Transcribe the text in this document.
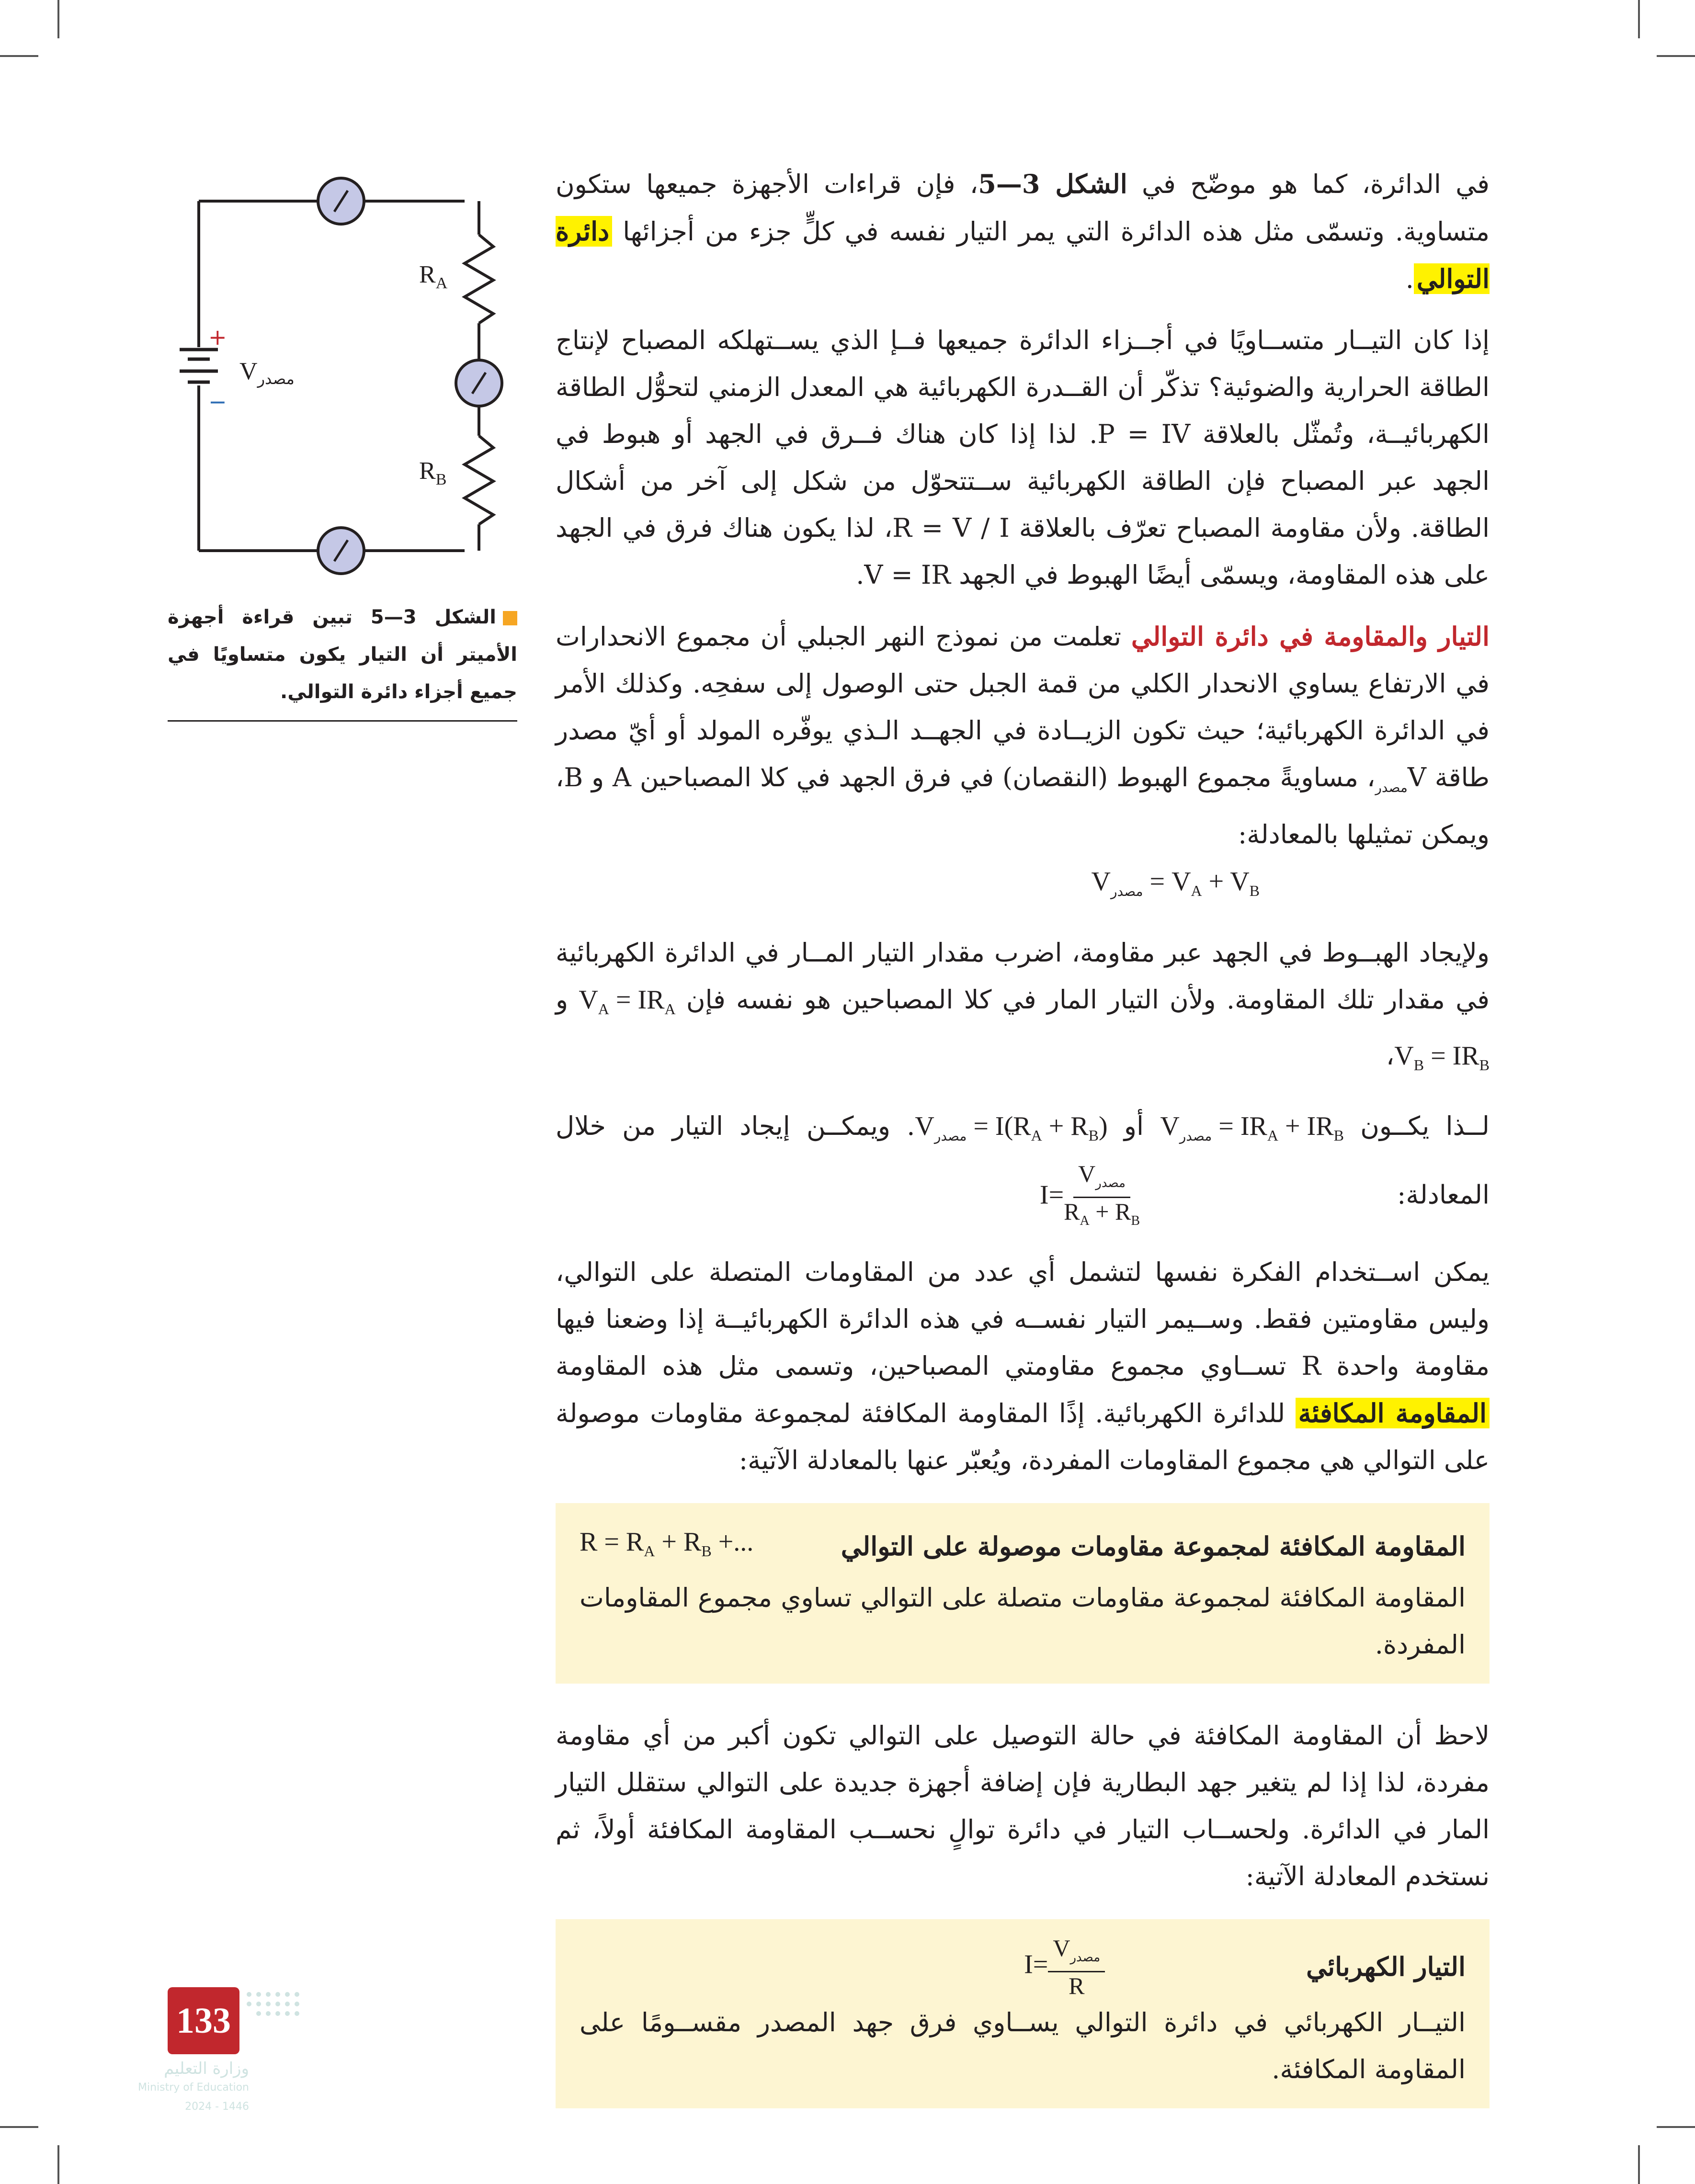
+
−
Vمصدر
$R_A$
$R_B$
الشكل 3—5 تبين قراءة أجهزة الأميتر أن التيار يكون متساويًا في جميع أجزاء دائرة التوالي.

في الدائرة، كما هو موضّح في الشكل 3—5، فإن قراءات الأجهزة جميعها ستكون متساوية. وتسمّى مثل هذه الدائرة التي يمر التيار نفسه في كلٍّ جزء من أجزائها دائرة التوالي.

إذا كان التيــار متســاويًا في أجــزاء الدائرة جميعها فــإ الذي يســتهلكه المصباح لإنتاج الطاقة الحرارية والضوئية؟ تذكّر أن القــدرة الكهربائية هي المعدل الزمني لتحوُّل الطاقة الكهربائيــة، وتُمثّل بالعلاقة P = IV. لذا إذا كان هناك فــرق في الجهد أو هبوط في الجهد عبر المصباح فإن الطاقة الكهربائية ســتتحوّل من شكل إلى آخر من أشكال الطاقة. ولأن مقاومة المصباح تعرّف بالعلاقة R = V / I، لذا يكون هناك فرق في الجهد على هذه المقاومة، ويسمّى أيضًا الهبوط في الجهد V = IR.

التيار والمقاومة في دائرة التوالي تعلمت من نموذج النهر الجبلي أن مجموع الانحدارات في الارتفاع يساوي الانحدار الكلي من قمة الجبل حتى الوصول إلى سفحِه. وكذلك الأمر في الدائرة الكهربائية؛ حيث تكون الزيــادة في الجهــد الـذي يوفّره المولد أو أيّ مصدر طاقة $V_{مصدر}،$ مساويةً مجموع الهبوط (النقصان) في فرق الجهد في كلا المصباحين A و B، ويمكن تمثيلها بالمعادلة:
$V_{مصدر} = V_A + V_B$

ولإيجاد الهبــوط في الجهد عبر مقاومة، اضرب مقدار التيار المــار في الدائرة الكهربائية في مقدار تلك المقاومة. ولأن التيار المار في كلا المصباحين هو نفسه فإن $V_A = IR_A$ وV$_B$ = $IR_B،$

لــذا يكــون $V_{مصدر} = IR_A + IR_B$ أو $V_{مصدر} = I(R_A + R_B)$. ويمكــن إيجاد التيار من خلال المعادلة: $I= \frac{V_{مصدر}}{R_A + R_B}$

يمكن اســتخدام الفكرة نفسها لتشمل أي عدد من المقاومات المتصلة على التوالي، وليس مقاومتين فقط. وســيمر التيار نفســه في هذه الدائرة الكهربائيــة إذا وضعنا فيها مقاومة واحدة R تســاوي مجموع مقاومتي المصباحين، وتسمى مثل هذه المقاومة المقاومة المكافئة للدائرة الكهربائية. إذًا المقاومة المكافئة لمجموعة مقاومات موصولة على التوالي هي مجموع المقاومات المفردة، ويُعبّر عنها بالمعادلة الآتية:

المقاومة المكافئة لمجموعة مقاومات موصولة على التوالي
$R = R_A + R_B$ +...
المقاومة المكافئة لمجموعة مقاومات متصلة على التوالي تساوي مجموع المقاومات المفردة.

لاحظ أن المقاومة المكافئة في حالة التوصيل على التوالي تكون أكبر من أي مقاومة مفردة، لذا إذا لم يتغير جهد البطارية فإن إضافة أجهزة جديدة على التوالي ستقلل التيار المار في الدائرة. ولحســاب التيار في دائرة توالٍ نحســب المقاومة المكافئة أولاً، ثم نستخدم المعادلة الآتية:

التيار الكهربائي
$I= \frac{V_{مصدر}}{R}$
التيــار الكهربائي في دائرة التوالي يســاوي فرق جهد المصدر مقســومًا على المقاومة المكافئة.
133
وزارة التعليم
Ministry of Education
2024 - 1446
